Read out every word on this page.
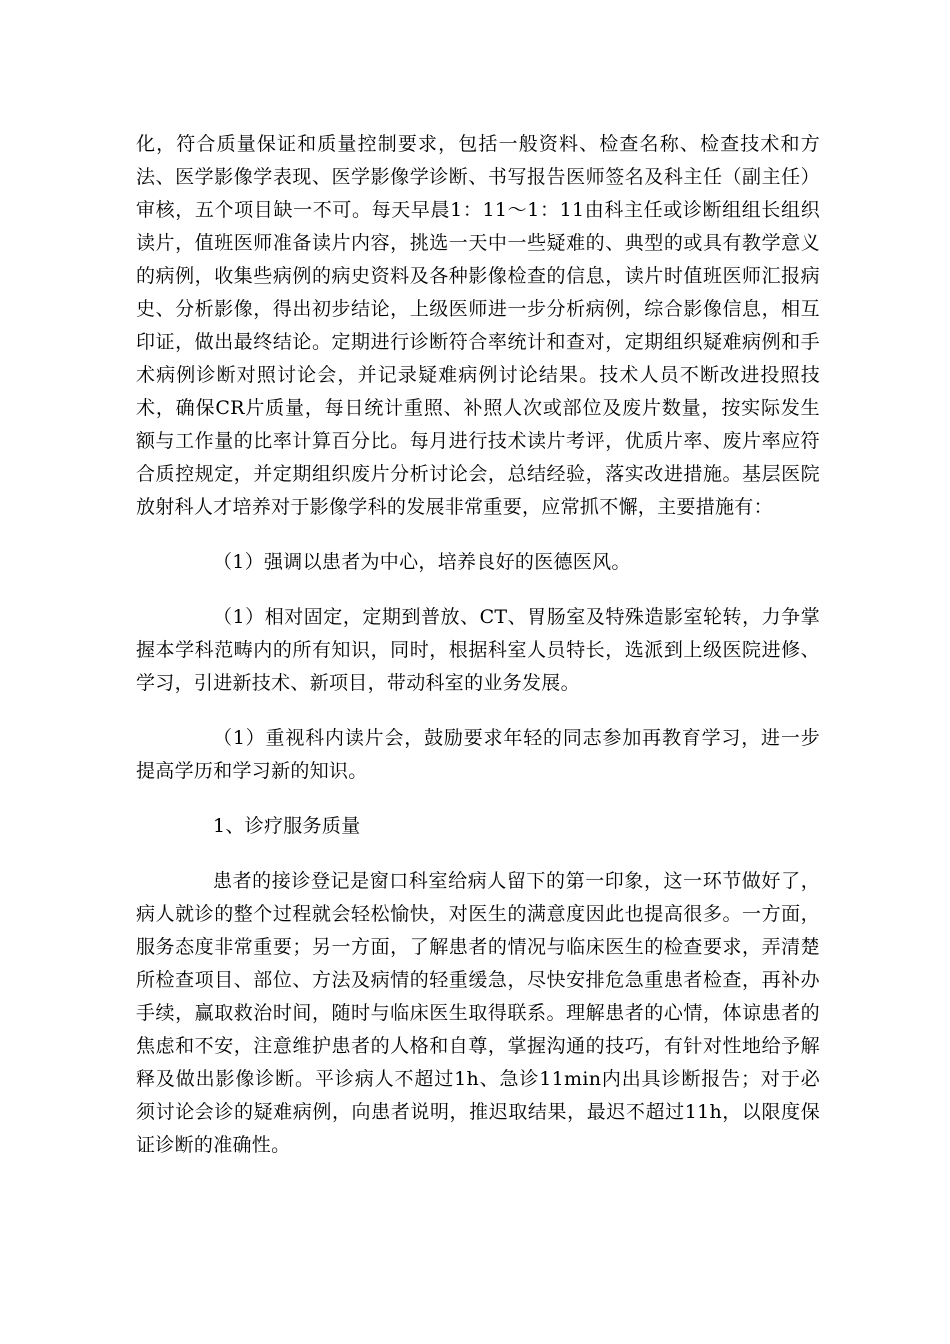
化，符合质量保证和质量控制要求，包括一般资料、检查名称、检查技术和方法、医学影像学表现、医学影像学诊断、书写报告医师签名及科主任（副主任）审核，五个项目缺一不可。每天早晨1：11～1：11由科主任或诊断组组长组织读片，值班医师准备读片内容，挑选一天中一些疑难的、典型的或具有教学意义的病例，收集些病例的病史资料及各种影像检查的信息，读片时值班医师汇报病史、分析影像，得出初步结论，上级医师进一步分析病例，综合影像信息，相互印证，做出最终结论。定期进行诊断符合率统计和查对，定期组织疑难病例和手术病例诊断对照讨论会，并记录疑难病例讨论结果。技术人员不断改进投照技术，确保CR片质量，每日统计重照、补照人次或部位及废片数量，按实际发生额与工作量的比率计算百分比。每月进行技术读片考评，优质片率、废片率应符合质控规定，并定期组织废片分析讨论会，总结经验，落实改进措施。基层医院放射科人才培养对于影像学科的发展非常重要，应常抓不懈，主要措施有：

（1）强调以患者为中心，培养良好的医德医风。

（1）相对固定，定期到普放、CT、胃肠室及特殊造影室轮转，力争掌握本学科范畴内的所有知识，同时，根据科室人员特长，选派到上级医院进修、学习，引进新技术、新项目，带动科室的业务发展。

（1）重视科内读片会，鼓励要求年轻的同志参加再教育学习，进一步提高学历和学习新的知识。

1、诊疗服务质量

患者的接诊登记是窗口科室给病人留下的第一印象，这一环节做好了，病人就诊的整个过程就会轻松愉快，对医生的满意度因此也提高很多。一方面，服务态度非常重要；另一方面，了解患者的情况与临床医生的检查要求，弄清楚所检查项目、部位、方法及病情的轻重缓急，尽快安排危急重患者检查，再补办手续，赢取救治时间，随时与临床医生取得联系。理解患者的心情，体谅患者的焦虑和不安，注意维护患者的人格和自尊，掌握沟通的技巧，有针对性地给予解释及做出影像诊断。平诊病人不超过1h、急诊11min内出具诊断报告；对于必须讨论会诊的疑难病例，向患者说明，推迟取结果，最迟不超过11h，以限度保证诊断的准确性。
